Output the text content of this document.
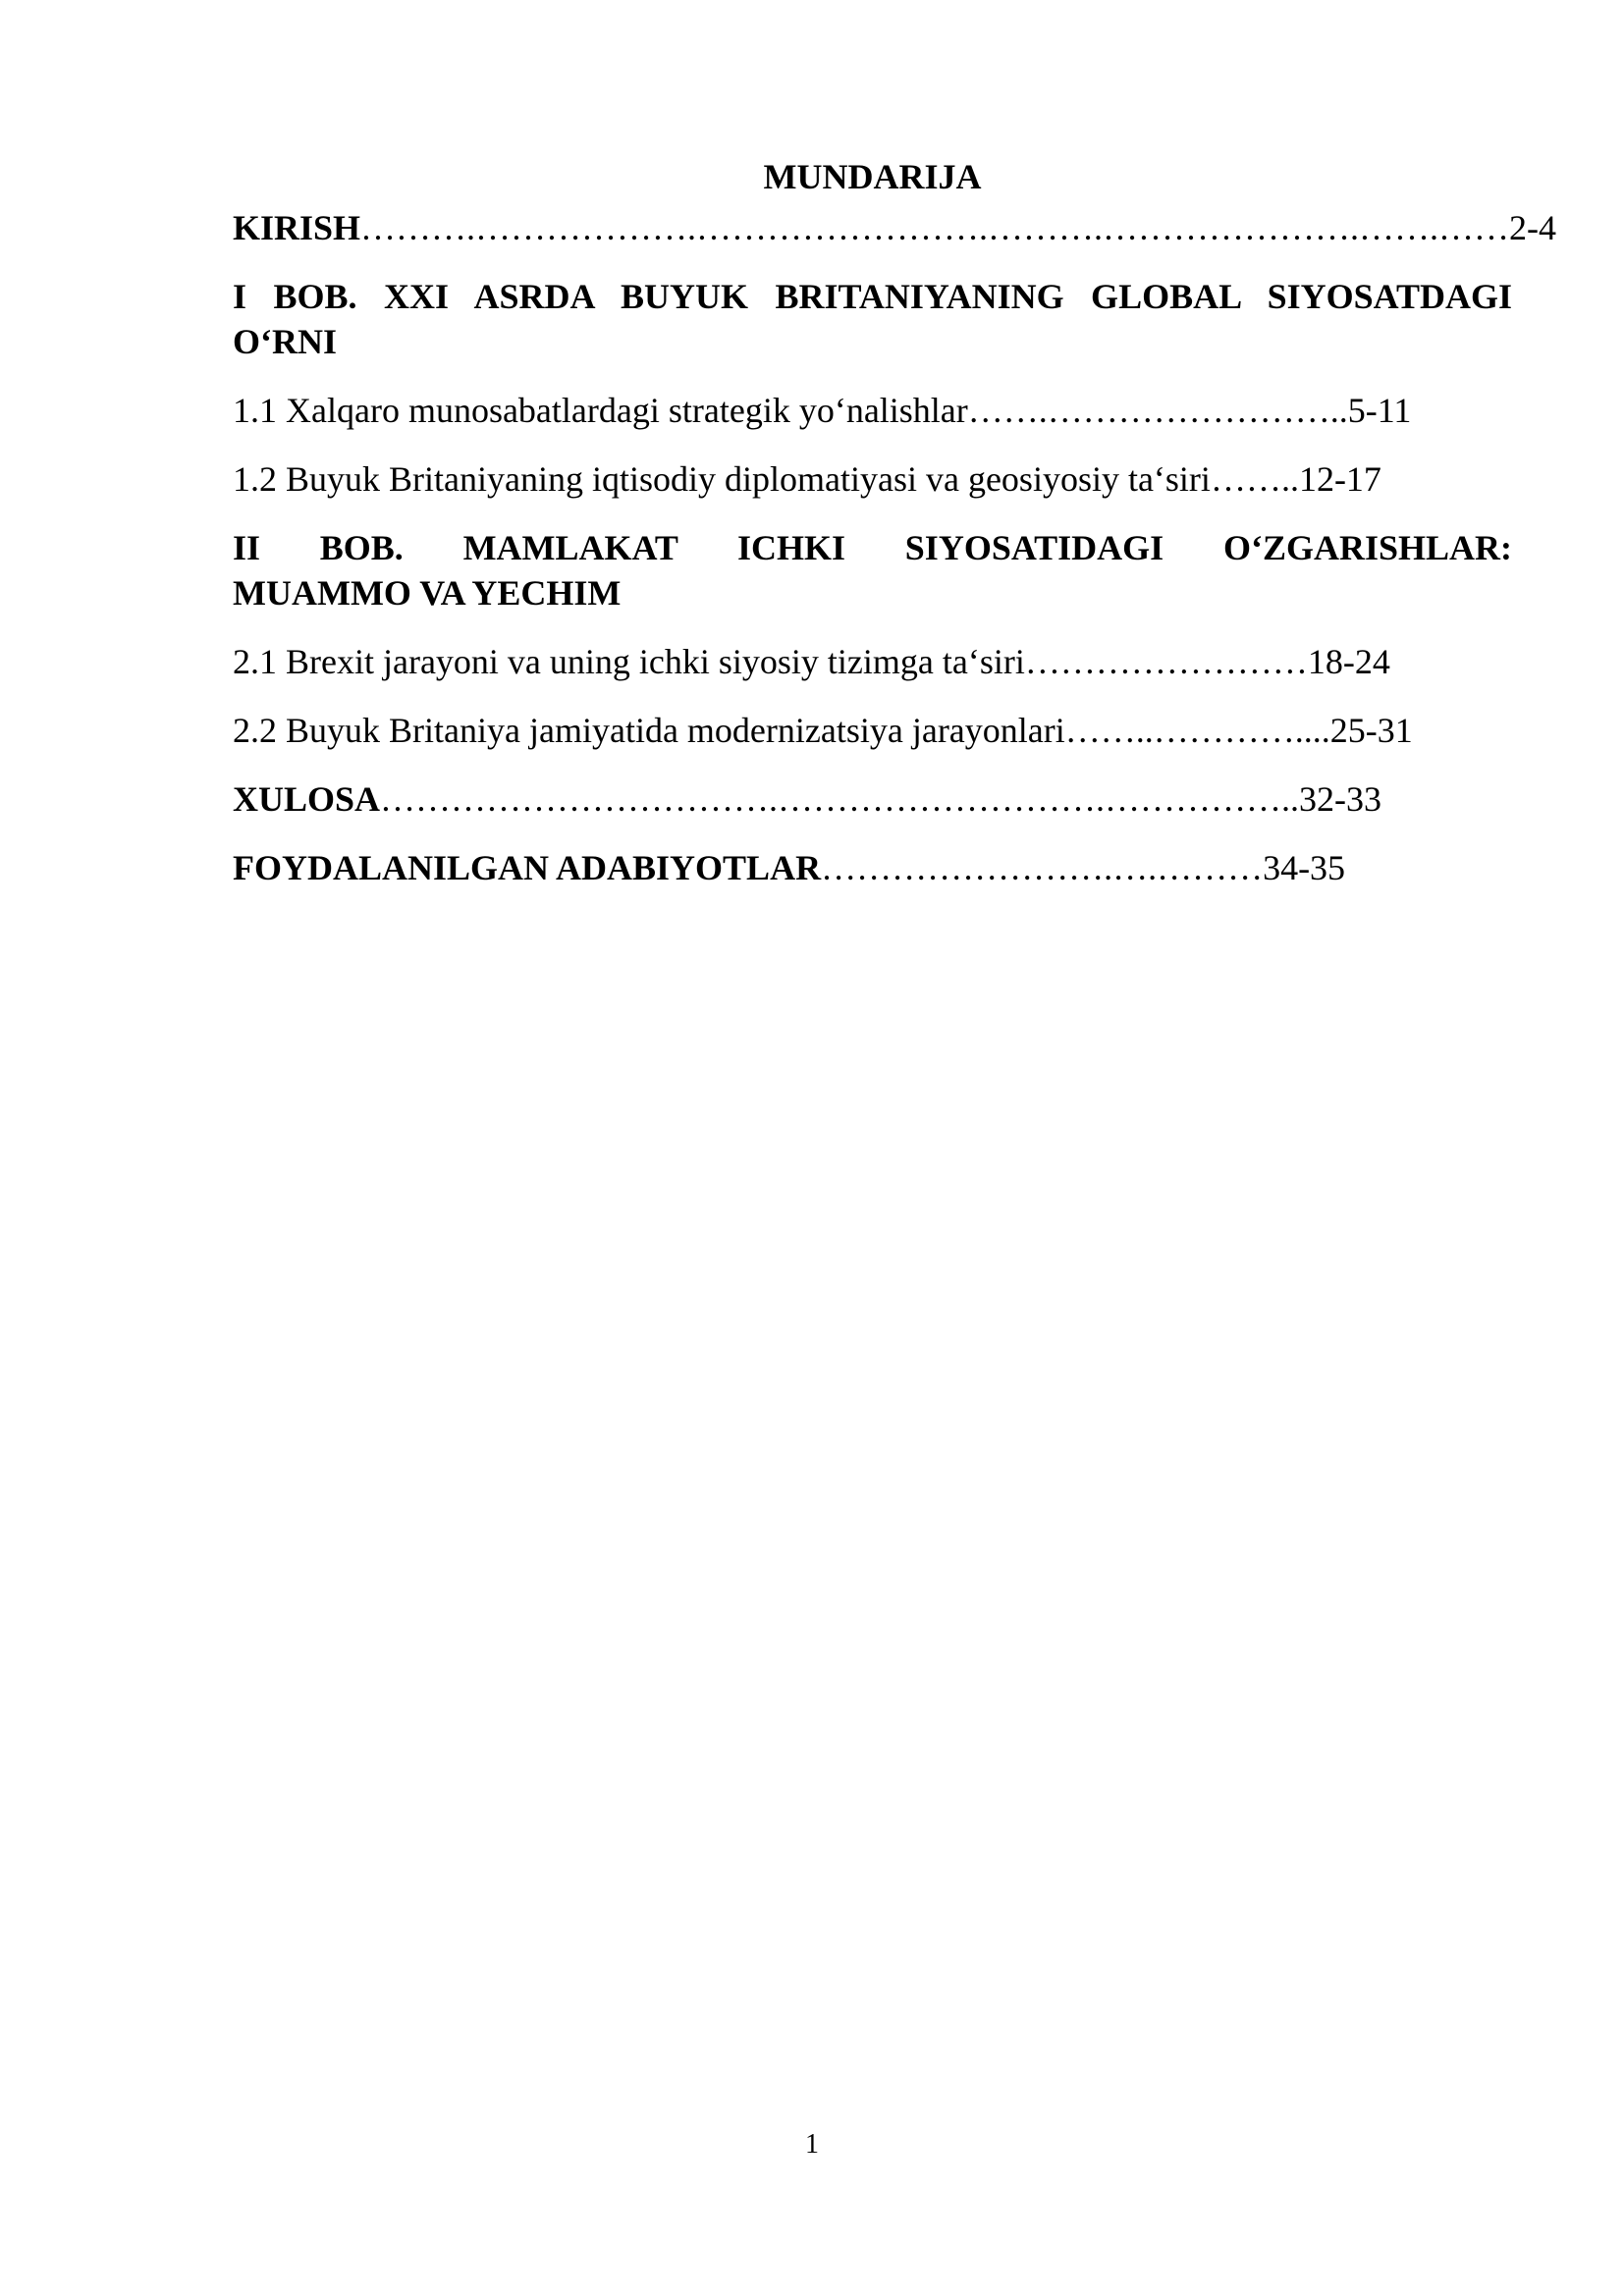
MUNDARIJA
KIRISH……….……………….…………………….……….………………….…….……2-4
I BOB. XXI ASRDA BUYUK BRITANIYANING GLOBAL SIYOSATDAGI
O‘RNI
1.1 Xalqaro munosabatlardagi strategik yo‘nalishlar…….……………………..5-11
1.2 Buyuk Britaniyaning iqtisodiy diplomatiyasi va geosiyosiy ta‘siri……..12-17
II BOB. MAMLAKAT ICHKI SIYOSATIDAGI O‘ZGARISHLAR:
MUAMMO VA YECHIM
2.1 Brexit jarayoni va uning ichki siyosiy tizimga ta‘siri……………………18-24
2.2 Buyuk Britaniya jamiyatida modernizatsiya jarayonlari……..…………....25-31
XULOSA…………………………….……………………….……………..32-33
FOYDALANILGAN ADABIYOTLAR…………………….….………34-35
1
